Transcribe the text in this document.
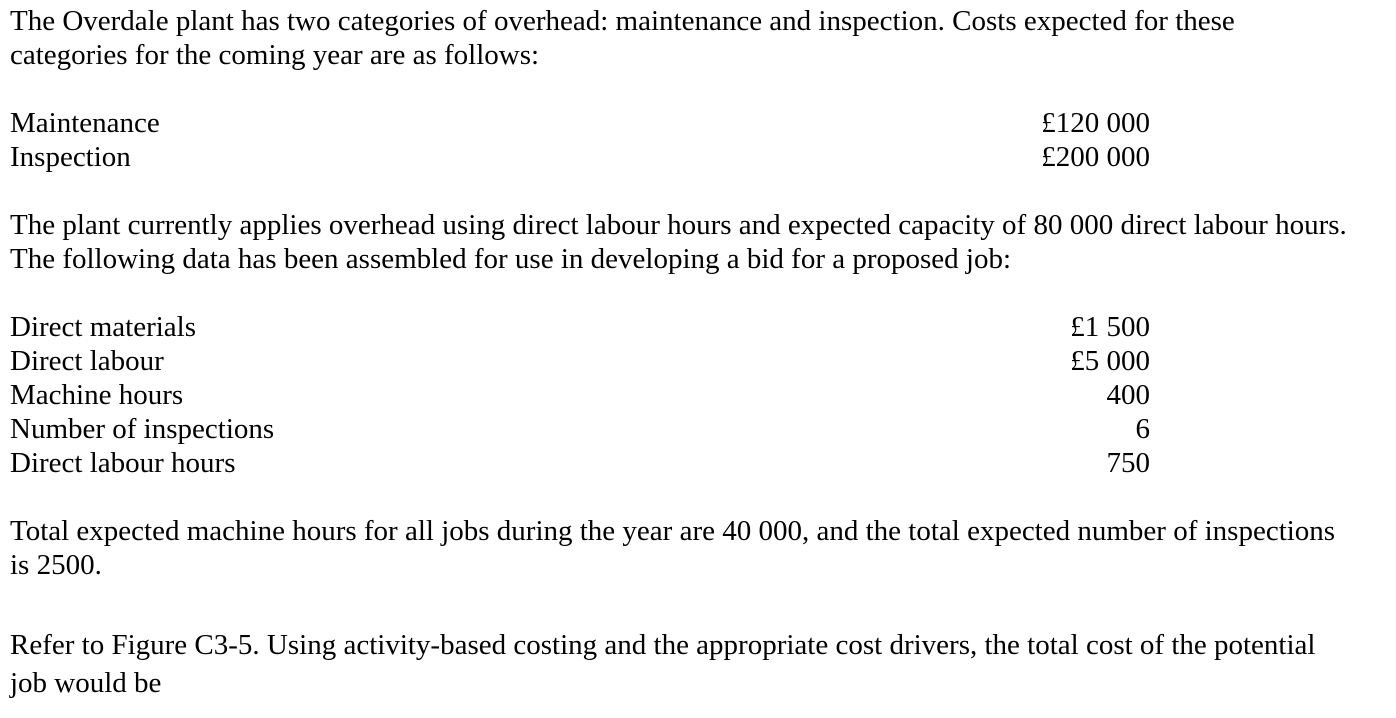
The Overdale plant has two categories of overhead: maintenance and inspection. Costs expected for these
categories for the coming year are as follows:
Maintenance	£120 000
Inspection	£200 000
The plant currently applies overhead using direct labour hours and expected capacity of 80 000 direct labour hours.
The following data has been assembled for use in developing a bid for a proposed job:
Direct materials	£1 500
Direct labour	£5 000
Machine hours	400
Number of inspections	6
Direct labour hours	750
Total expected machine hours for all jobs during the year are 40 000, and the total expected number of inspections
is 2500.
Refer to Figure C3-5. Using activity-based costing and the appropriate cost drivers, the total cost of the potential
job would be
